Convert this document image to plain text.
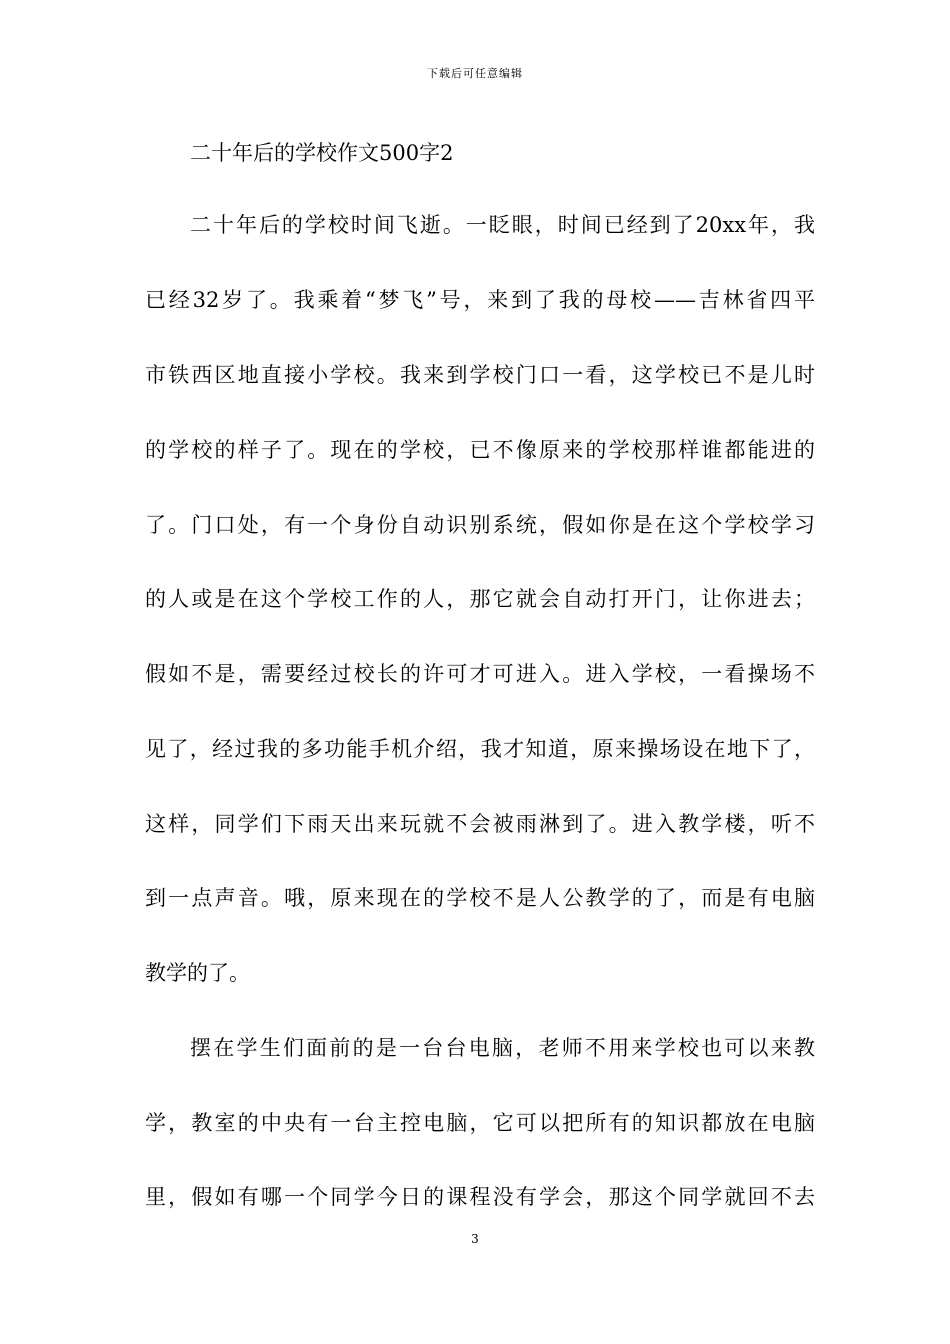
下载后可任意编辑
二十年后的学校作文500字2
二十年后的学校时间飞逝。一眨眼，时间已经到了20xx年，我
已经32岁了。我乘着“梦飞”号，来到了我的母校——吉林省四平
市铁西区地直接小学校。我来到学校门口一看，这学校已不是儿时
的学校的样子了。现在的学校，已不像原来的学校那样谁都能进的
了。门口处，有一个身份自动识别系统，假如你是在这个学校学习
的人或是在这个学校工作的人，那它就会自动打开门，让你进去；
假如不是，需要经过校长的许可才可进入。进入学校，一看操场不
见了，经过我的多功能手机介绍，我才知道，原来操场设在地下了，
这样，同学们下雨天出来玩就不会被雨淋到了。进入教学楼，听不
到一点声音。哦，原来现在的学校不是人公教学的了，而是有电脑
教学的了。
摆在学生们面前的是一台台电脑，老师不用来学校也可以来教
学，教室的中央有一台主控电脑，它可以把所有的知识都放在电脑
里，假如有哪一个同学今日的课程没有学会，那这个同学就回不去
3
